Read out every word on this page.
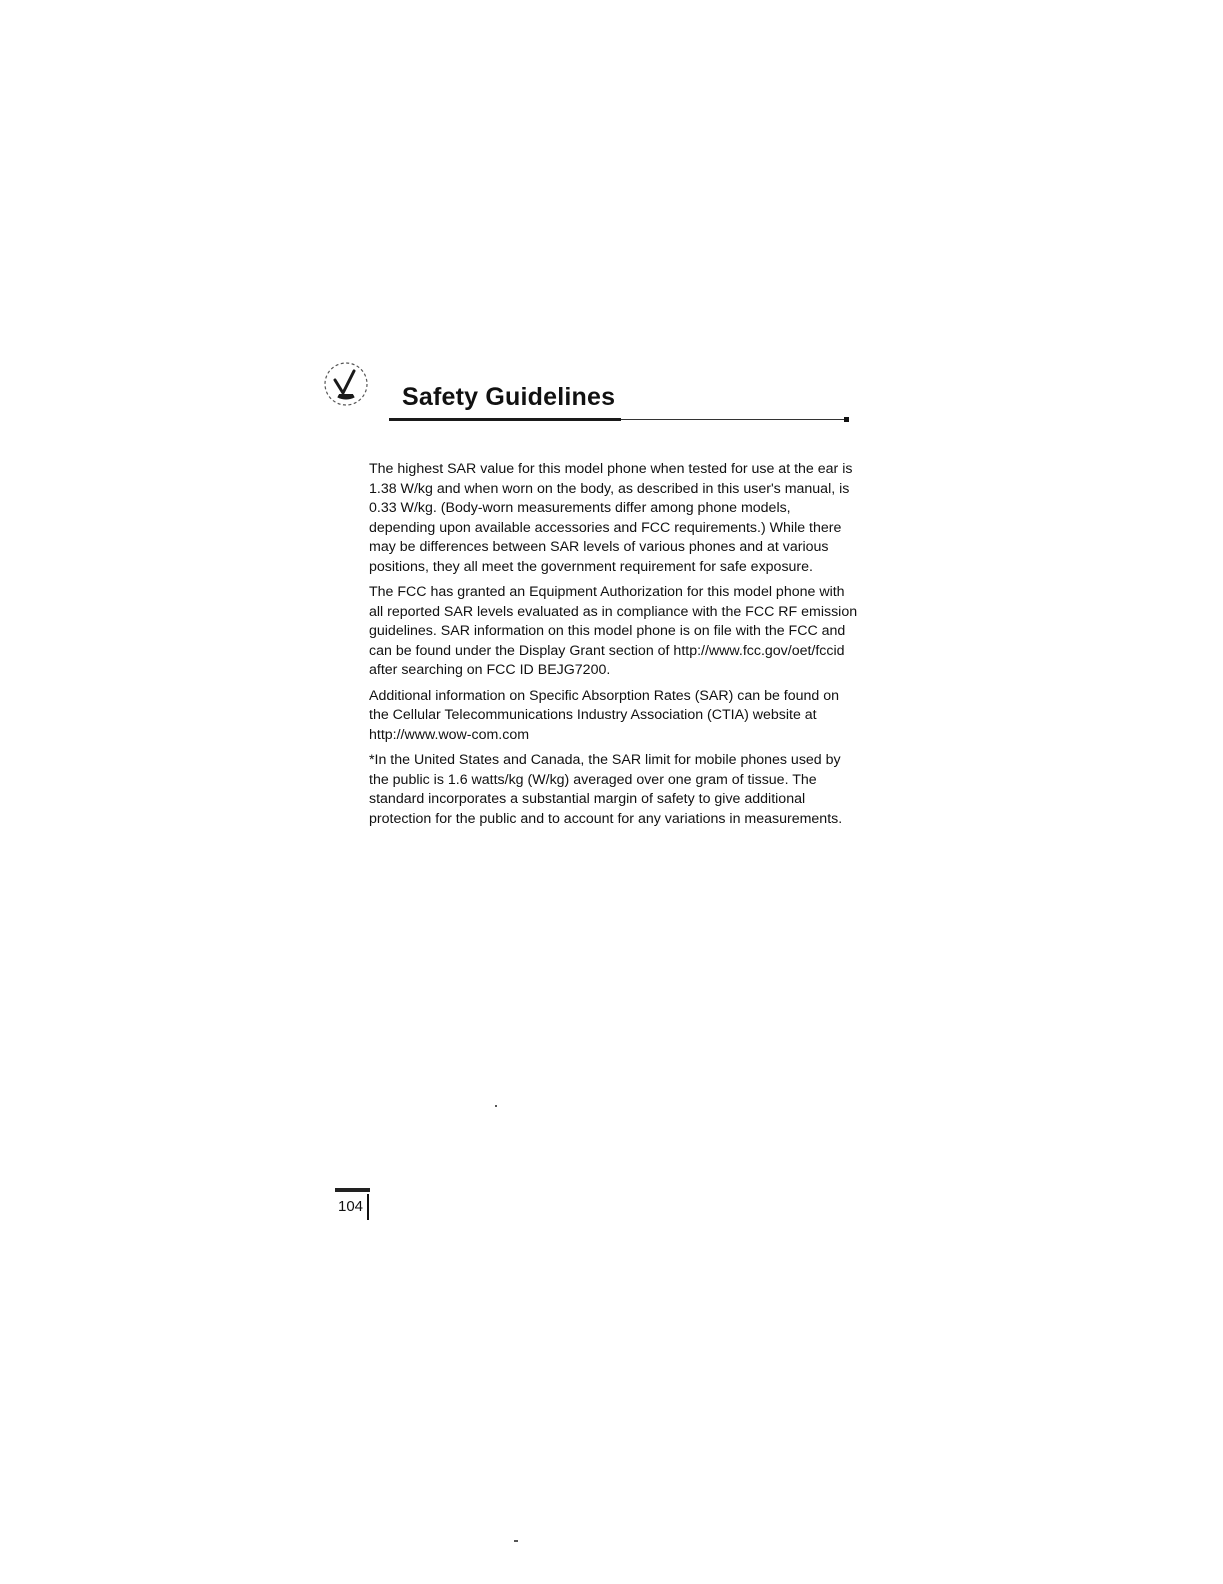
Safety Guidelines

The highest SAR value for this model phone when tested for use at the ear is 1.38 W/kg and when worn on the body, as described in this user's manual, is 0.33 W/kg. (Body-worn measurements differ among phone models, depending upon available accessories and FCC requirements.) While there may be differences between SAR levels of various phones and at various positions, they all meet the government requirement for safe exposure.

The FCC has granted an Equipment Authorization for this model phone with all reported SAR levels evaluated as in compliance with the FCC RF emission guidelines. SAR information on this model phone is on file with the FCC and can be found under the Display Grant section of http://www.fcc.gov/oet/fccid after searching on FCC ID BEJG7200.

Additional information on Specific Absorption Rates (SAR) can be found on the Cellular Telecommunications Industry Association (CTIA) website at http://www.wow-com.com

*In the United States and Canada, the SAR limit for mobile phones used by the public is 1.6 watts/kg (W/kg) averaged over one gram of tissue. The standard incorporates a substantial margin of safety to give additional protection for the public and to account for any variations in measurements.

104
